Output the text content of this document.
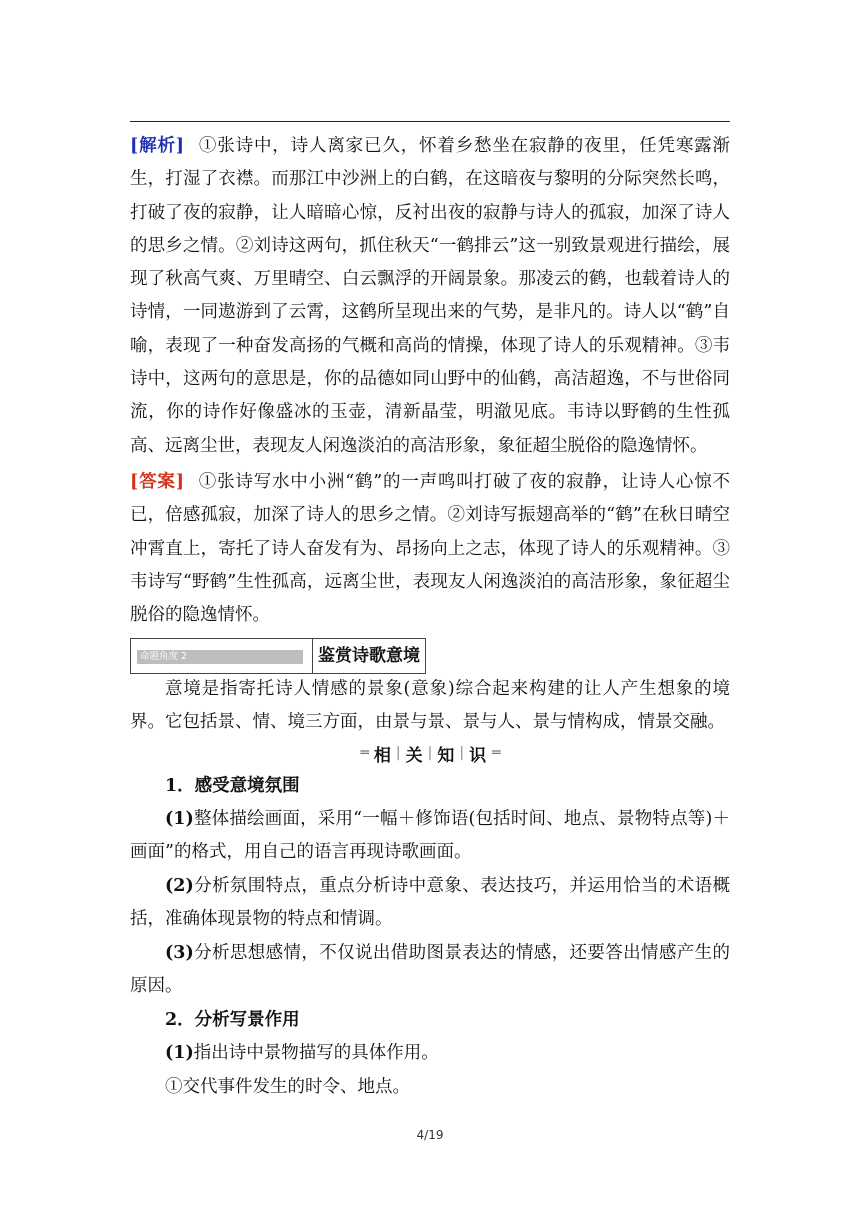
[解析] ①张诗中，诗人离家已久，怀着乡愁坐在寂静的夜里，任凭寒露渐生，打湿了衣襟。而那江中沙洲上的白鹤，在这暗夜与黎明的分际突然长鸣，打破了夜的寂静，让人暗暗心惊，反衬出夜的寂静与诗人的孤寂，加深了诗人的思乡之情。②刘诗这两句，抓住秋天“一鹤排云”这一别致景观进行描绘，展现了秋高气爽、万里晴空、白云飘浮的开阔景象。那凌云的鹤，也载着诗人的诗情，一同遨游到了云霄，这鹤所呈现出来的气势，是非凡的。诗人以“鹤”自喻，表现了一种奋发高扬的气概和高尚的情操，体现了诗人的乐观精神。③韦诗中，这两句的意思是，你的品德如同山野中的仙鹤，高洁超逸，不与世俗同流，你的诗作好像盛冰的玉壶，清新晶莹，明澈见底。韦诗以野鹤的生性孤高、远离尘世，表现友人闲逸淡泊的高洁形象，象征超尘脱俗的隐逸情怀。

[答案] ①张诗写水中小洲“鹤”的一声鸣叫打破了夜的寂静，让诗人心惊不已，倍感孤寂，加深了诗人的思乡之情。②刘诗写振翅高举的“鹤”在秋日晴空冲霄直上，寄托了诗人奋发有为、昂扬向上之志，体现了诗人的乐观精神。③韦诗写“野鹤”生性孤高，远离尘世，表现友人闲逸淡泊的高洁形象，象征超尘脱俗的隐逸情怀。

命题角度 2	鉴赏诗歌意境

意境是指寄托诗人情感的景象(意象)综合起来构建的让人产生想象的境界。它包括景、情、境三方面，由景与景、景与人、景与情构成，情景交融。

═ 相 | 关 | 知 | 识 ═

1．感受意境氛围

(1)整体描绘画面，采用“一幅＋修饰语(包括时间、地点、景物特点等)＋画面”的格式，用自己的语言再现诗歌画面。

(2)分析氛围特点，重点分析诗中意象、表达技巧，并运用恰当的术语概括，准确体现景物的特点和情调。

(3)分析思想感情，不仅说出借助图景表达的情感，还要答出情感产生的原因。

2．分析写景作用

(1)指出诗中景物描写的具体作用。

①交代事件发生的时令、地点。

4/19
